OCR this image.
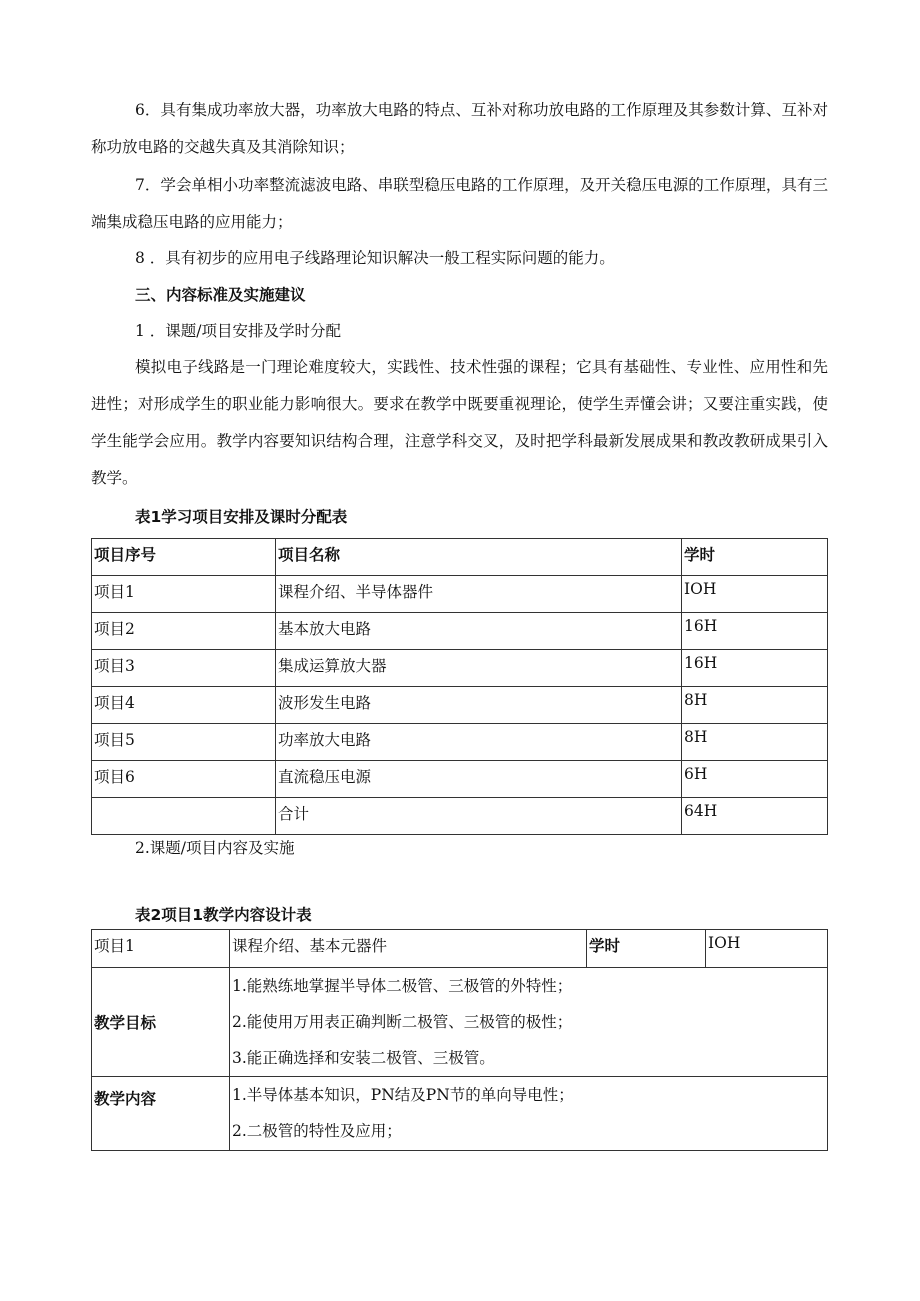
6．具有集成功率放大器，功率放大电路的特点、互补对称功放电路的工作原理及其参数计算、互补对称功放电路的交越失真及其消除知识；
7．学会单相小功率整流滤波电路、串联型稳压电路的工作原理，及开关稳压电源的工作原理，具有三端集成稳压电路的应用能力；
8 ．具有初步的应用电子线路理论知识解决一般工程实际问题的能力。
三、内容标准及实施建议
1 ．课题/项目安排及学时分配
模拟电子线路是一门理论难度较大，实践性、技术性强的课程；它具有基础性、专业性、应用性和先进性；对形成学生的职业能力影响很大。要求在教学中既要重视理论，使学生弄懂会讲；又要注重实践，使学生能学会应用。教学内容要知识结构合理，注意学科交叉，及时把学科最新发展成果和教改教研成果引入教学。
表1学习项目安排及课时分配表
项目序号	项目名称	学时
项目1	课程介绍、半导体器件	IOH
项目2	基本放大电路	16H
项目3	集成运算放大器	16H
项目4	波形发生电路	8H
项目5	功率放大电路	8H
项目6	直流稳压电源	6H
	合计	64H
2.课题/项目内容及实施
表2项目1教学内容设计表
项目1	课程介绍、基本元器件	学时	IOH
教学目标	1.能熟练地掌握半导体二极管、三极管的外特性；
2.能使用万用表正确判断二极管、三极管的极性；
3.能正确选择和安装二极管、三极管。		

教学内容	1.半导体基本知识，PN结及PN节的单向导电性；
2.二极管的特性及应用；		
